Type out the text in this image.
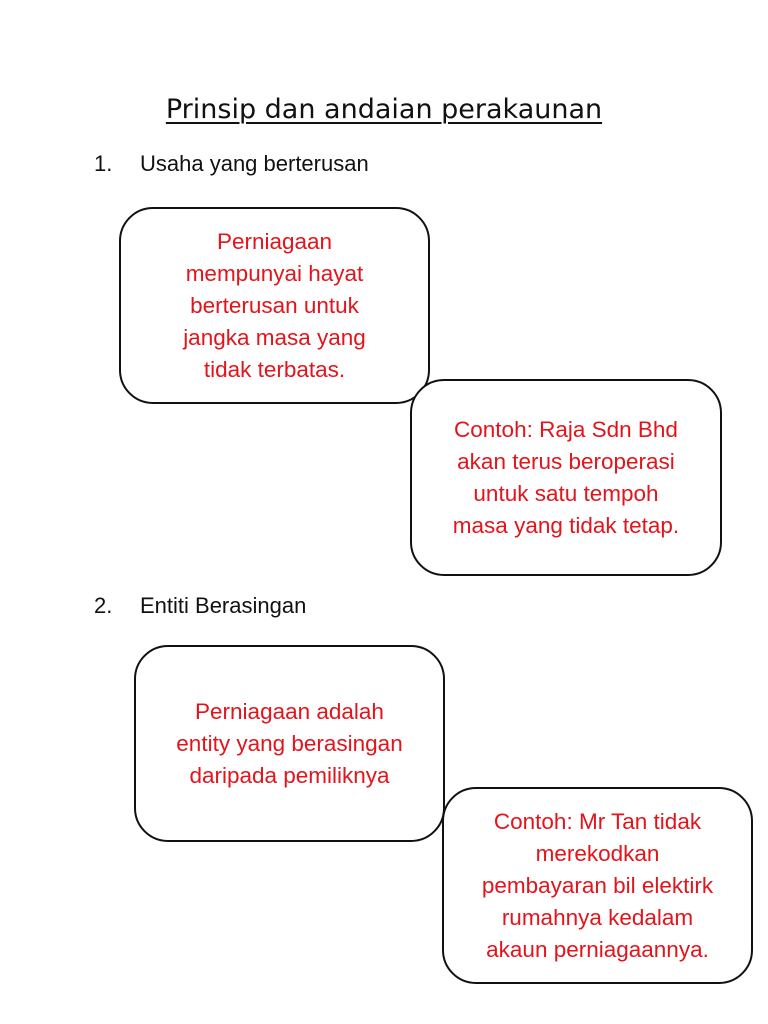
Prinsip dan andaian perakaunan
1. Usaha yang berterusan
Perniagaan
mempunyai hayat
berterusan untuk
jangka masa yang
tidak terbatas.
Contoh: Raja Sdn Bhd
akan terus beroperasi
untuk satu tempoh
masa yang tidak tetap.
2. Entiti Berasingan
Perniagaan adalah
entity yang berasingan
daripada pemiliknya
Contoh: Mr Tan tidak
merekodkan
pembayaran bil elektirk
rumahnya kedalam
akaun perniagaannya.
